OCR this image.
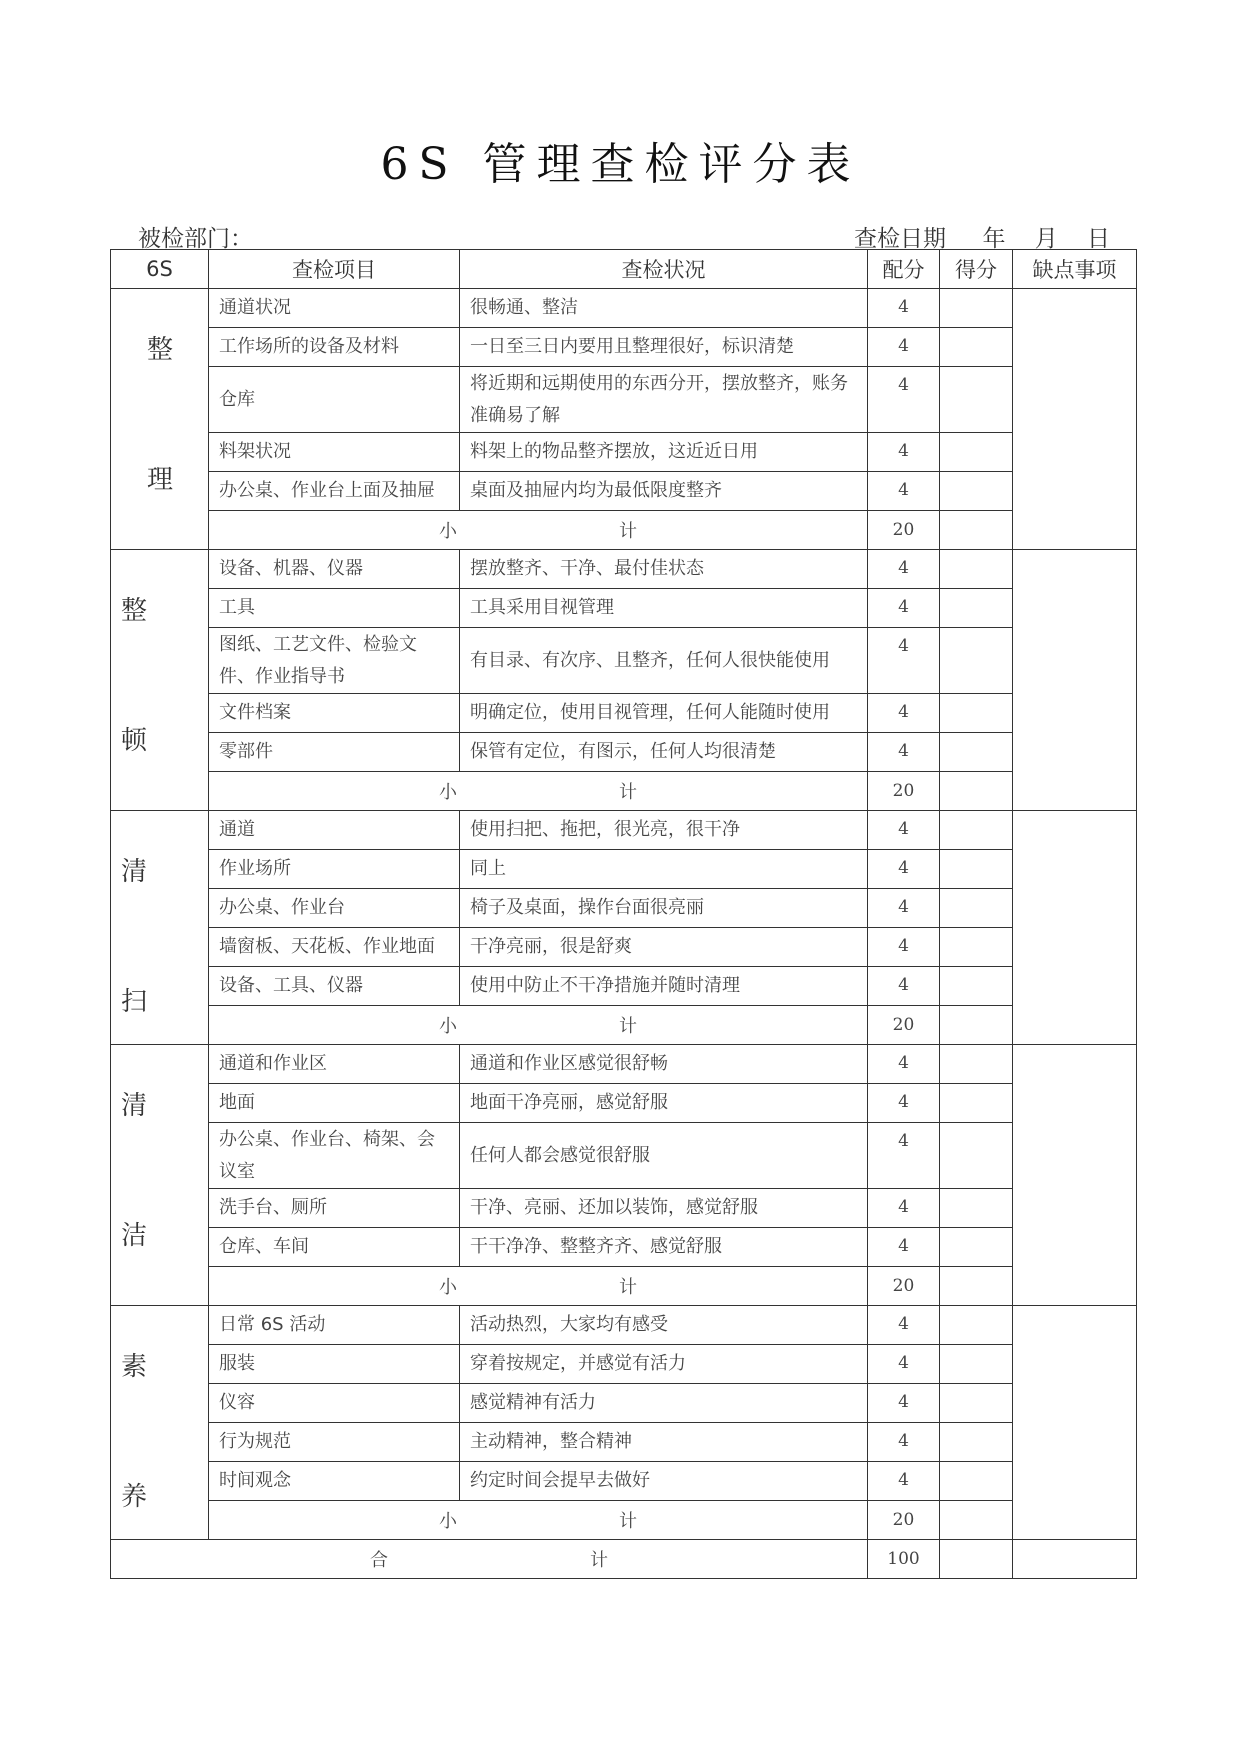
6S 管理查检评分表
被检部门：	查检日期     年    月    日
6S	查检项目	查检状况	配分	得分	缺点事项

整
理	通道状况	很畅通、整洁	4		
	工作场所的设备及材料	一日至三日内要用且整理很好，标识清楚	4		
	仓库	将近期和远期使用的东西分开，摆放整齐，账务准确易了解	4		
	料架状况	料架上的物品整齐摆放，这近近日用	4		
	办公桌、作业台上面及抽屉	桌面及抽屉内均为最低限度整齐	4		
	小 计		20		

整
顿	设备、机器、仪器	摆放整齐、干净、最付佳状态	4		
	工具	工具采用目视管理	4		
	图纸、工艺文件、检验文件、作业指导书	有目录、有次序、且整齐，任何人很快能使用	4		
	文件档案	明确定位，使用目视管理，任何人能随时使用	4		
	零部件	保管有定位，有图示，任何人均很清楚	4		
	小 计		20		

清
扫	通道	使用扫把、拖把，很光亮，很干净	4		
	作业场所	同上	4		
	办公桌、作业台	椅子及桌面，操作台面很亮丽	4		
	墙窗板、天花板、作业地面	干净亮丽，很是舒爽	4		
	设备、工具、仪器	使用中防止不干净措施并随时清理	4		
	小 计		20		

清
洁	通道和作业区	通道和作业区感觉很舒畅	4		
	地面	地面干净亮丽，感觉舒服	4		
	办公桌、作业台、椅架、会议室	任何人都会感觉很舒服	4		
	洗手台、厕所	干净、亮丽、还加以装饰，感觉舒服	4		
	仓库、车间	干干净净、整整齐齐、感觉舒服	4		
	小 计		20		

素
养	日常 6S 活动	活动热烈，大家均有感受	4		
	服装	穿着按规定，并感觉有活力	4		
	仪容	感觉精神有活力	4		
	行为规范	主动精神，整合精神	4		
	时间观念	约定时间会提早去做好	4		
	小 计		20		
合 计			100		
